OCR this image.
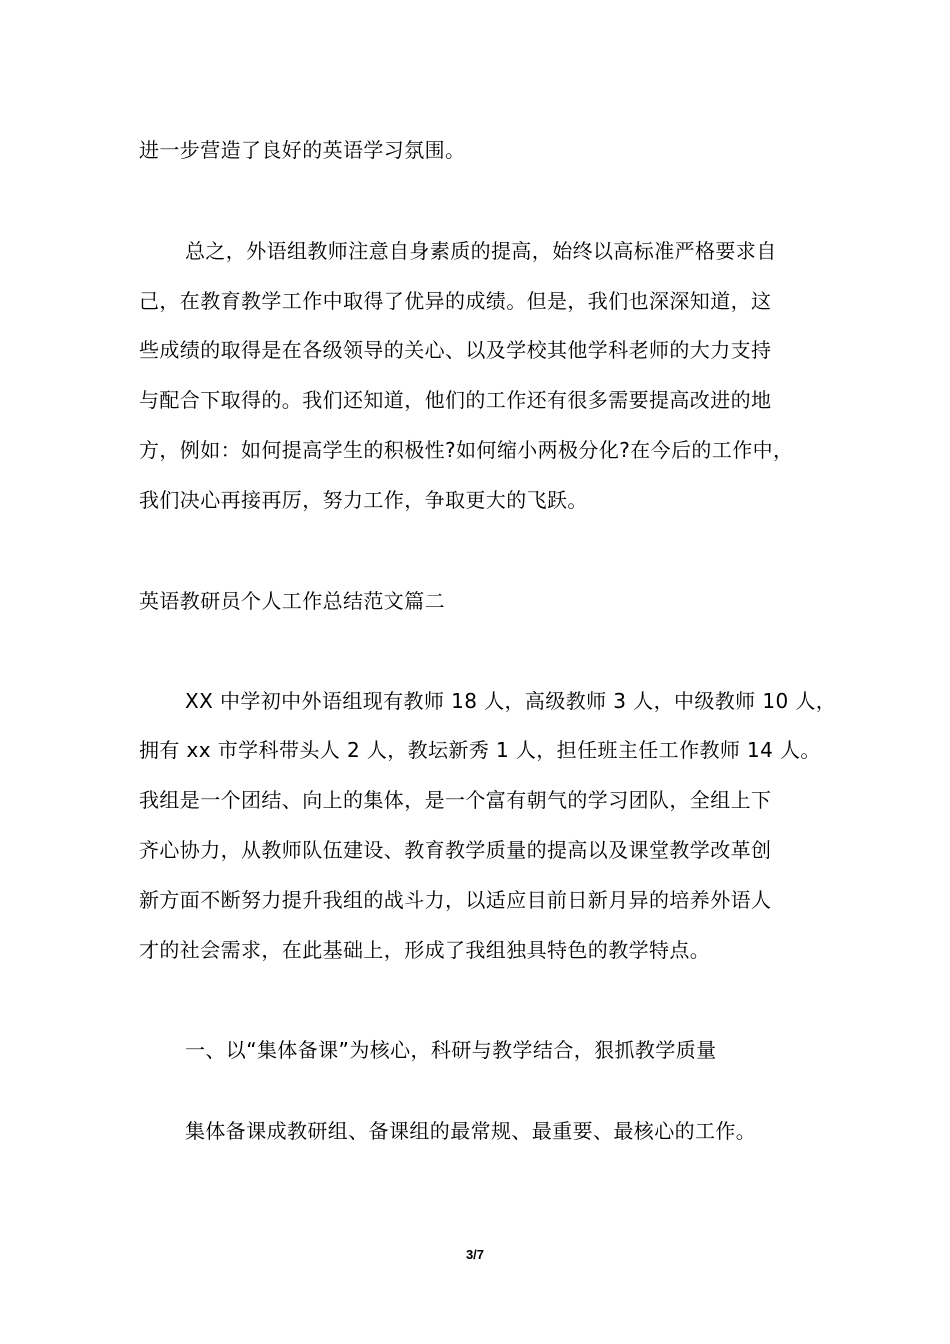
进一步营造了良好的英语学习氛围。
总之，外语组教师注意自身素质的提高，始终以高标准严格要求自
己，在教育教学工作中取得了优异的成绩。但是，我们也深深知道，这
些成绩的取得是在各级领导的关心、以及学校其他学科老师的大力支持
与配合下取得的。我们还知道，他们的工作还有很多需要提高改进的地
方，例如：如何提高学生的积极性?如何缩小两极分化?在今后的工作中，
我们决心再接再厉，努力工作，争取更大的飞跃。
英语教研员个人工作总结范文篇二
XX 中学初中外语组现有教师 18 人，高级教师 3 人，中级教师 10 人，
拥有 xx 市学科带头人 2 人，教坛新秀 1 人，担任班主任工作教师 14 人。
我组是一个团结、向上的集体，是一个富有朝气的学习团队，全组上下
齐心协力，从教师队伍建设、教育教学质量的提高以及课堂教学改革创
新方面不断努力提升我组的战斗力，以适应目前日新月异的培养外语人
才的社会需求，在此基础上，形成了我组独具特色的教学特点。
一、以“集体备课”为核心，科研与教学结合，狠抓教学质量
集体备课成教研组、备课组的最常规、最重要、最核心的工作。
3/7
